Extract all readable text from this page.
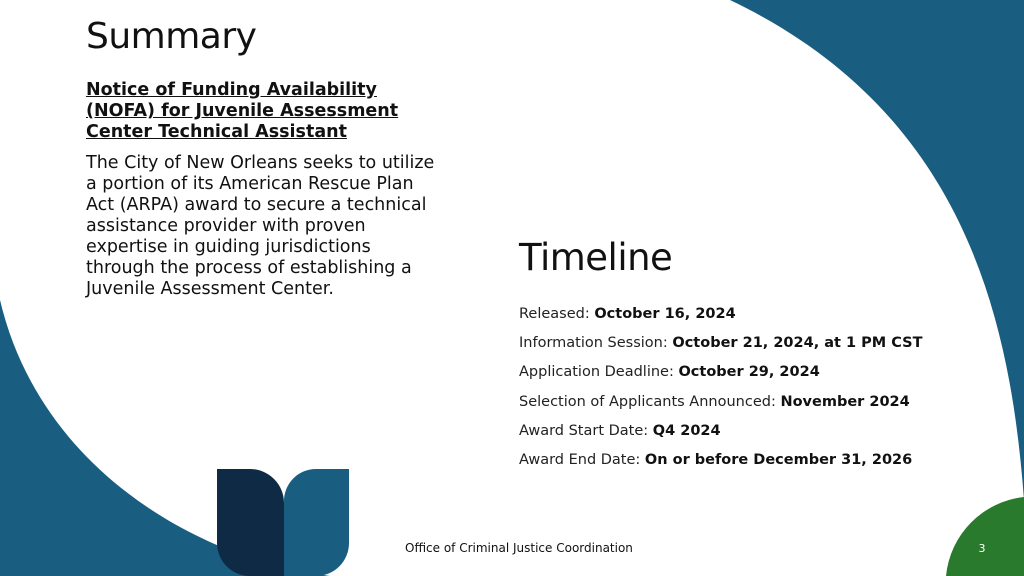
Summary
Notice of Funding Availability (NOFA) for Juvenile Assessment Center Technical Assistant

The City of New Orleans seeks to utilize a portion of its American Rescue Plan Act (ARPA) award to secure a technical assistance provider with proven expertise in guiding jurisdictions through the process of establishing a Juvenile Assessment Center.

Timeline
Released: October 16, 2024
Information Session: October 21, 2024, at 1 PM CST
Application Deadline: October 29, 2024
Selection of Applicants Announced: November 2024
Award Start Date: Q4 2024
Award End Date: On or before December 31, 2026
Office of Criminal Justice Coordination	3
